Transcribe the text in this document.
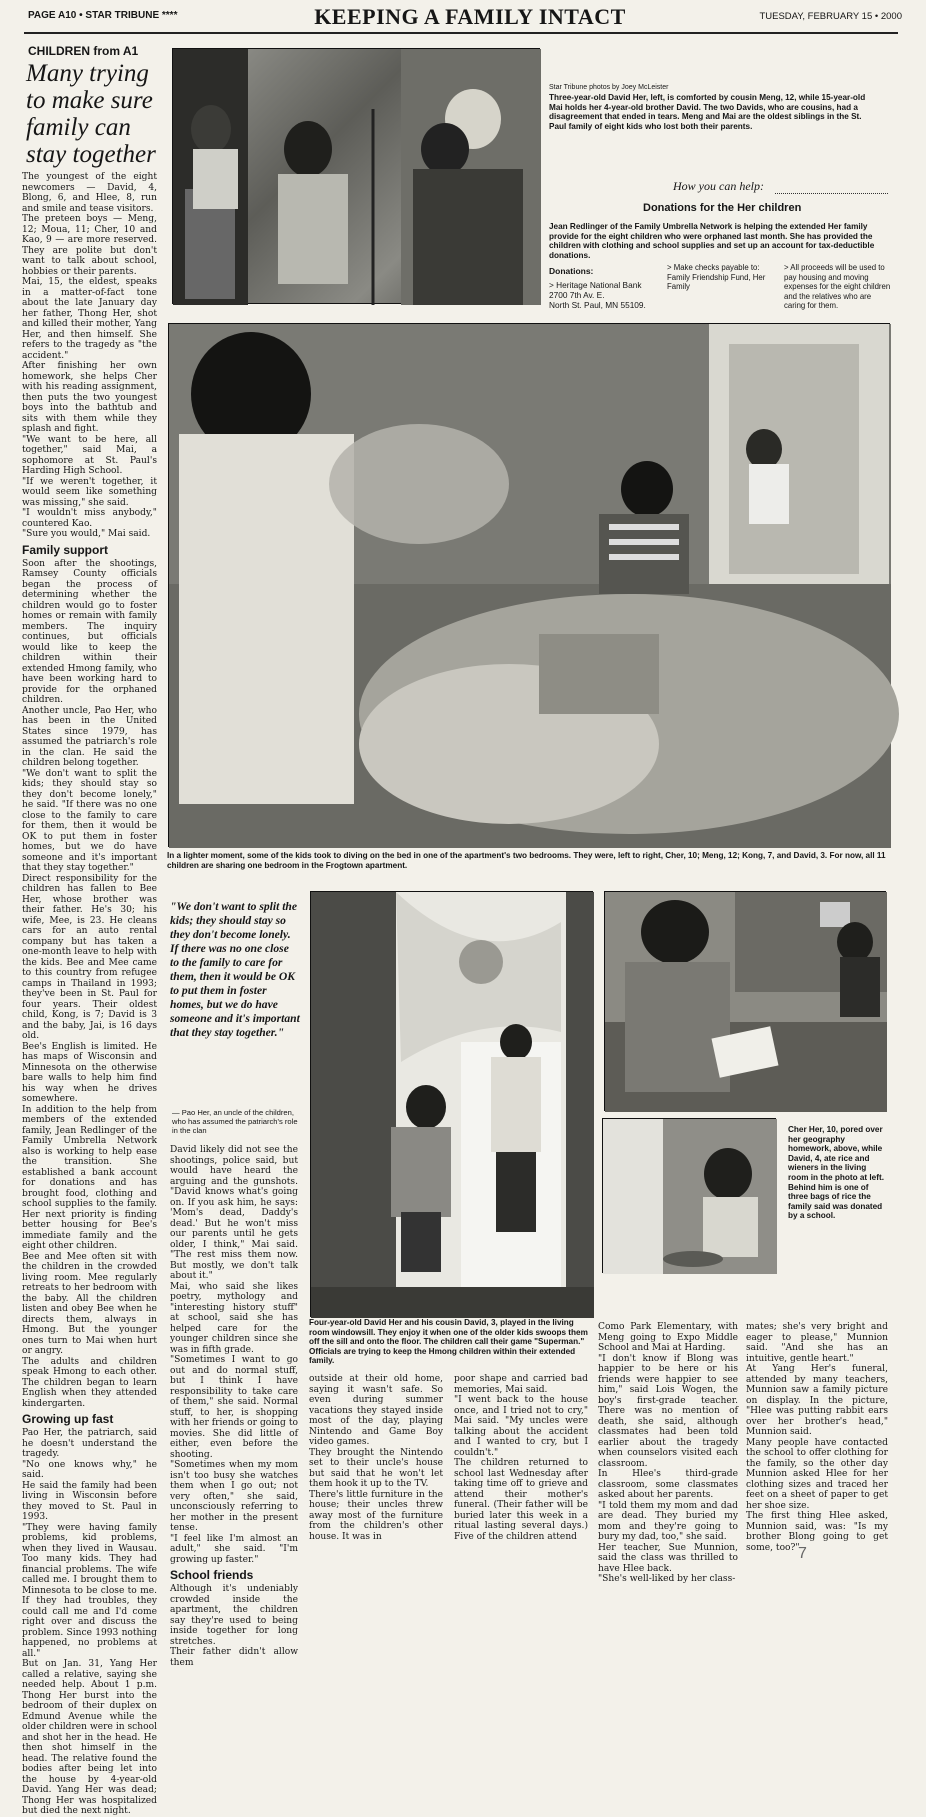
PAGE A10 • STAR TRIBUNE ****	KEEPING A FAMILY INTACT	TUESDAY, FEBRUARY 15 • 2000
CHILDREN from A1
Many trying to make sure family can stay together
The youngest of the eight newcomers — David, 4, Blong, 6, and Hlee, 8, run and smile and tease visitors.
The preteen boys — Meng, 12; Moua, 11; Cher, 10 and Kao, 9 — are more reserved. They are polite but don't want to talk about school, hobbies or their parents.
Mai, 15, the eldest, speaks in a matter-of-fact tone about the late January day her father, Thong Her, shot and killed their mother, Yang Her, and then himself. She refers to the tragedy as "the accident."
After finishing her own homework, she helps Cher with his reading assignment, then puts the two youngest boys into the bathtub and sits with them while they splash and fight.
"We want to be here, all together," said Mai, a sophomore at St. Paul's Harding High School.
"If we weren't together, it would seem like something was missing," she said.
"I wouldn't miss anybody," countered Kao.
"Sure you would," Mai said.
Family support
Soon after the shootings, Ramsey County officials began the process of determining whether the children would go to foster homes or remain with family members. The inquiry continues, but officials would like to keep the children within their extended Hmong family, who have been working hard to provide for the orphaned children.
Another uncle, Pao Her, who has been in the United States since 1979, has assumed the patriarch's role in the clan. He said the children belong together.
"We don't want to split the kids; they should stay so they don't become lonely," he said. "If there was no one close to the family to care for them, then it would be OK to put them in foster homes, but we do have someone and it's important that they stay together."
Direct responsibility for the children has fallen to Bee Her, whose brother was their father. He's 30; his wife, Mee, is 23. He cleans cars for an auto rental company but has taken a one-month leave to help with the kids. Bee and Mee came to this country from refugee camps in Thailand in 1993; they've been in St. Paul for four years. Their oldest child, Kong, is 7; David is 3 and the baby, Jai, is 16 days old.
Bee's English is limited. He has maps of Wisconsin and Minnesota on the otherwise bare walls to help him find his way when he drives somewhere.
In addition to the help from members of the extended family, Jean Redlinger of the Family Umbrella Network also is working to help ease the transition. She established a bank account for donations and has brought food, clothing and school supplies to the family. Her next priority is finding better housing for Bee's immediate family and the eight other children.
Bee and Mee often sit with the children in the crowded living room. Mee regularly retreats to her bedroom with the baby. All the children listen and obey Bee when he directs them, always in Hmong. But the younger ones turn to Mai when hurt or angry.
The adults and children speak Hmong to each other. The children began to learn English when they attended kindergarten.
Growing up fast
Pao Her, the patriarch, said he doesn't understand the tragedy.
"No one knows why," he said.
He said the family had been living in Wisconsin before they moved to St. Paul in 1993.
"They were having family problems, kid problems, when they lived in Wausau. Too many kids. They had financial problems. The wife called me. I brought them to Minnesota to be close to me. If they had troubles, they could call me and I'd come right over and discuss the problem. Since 1993 nothing happened, no problems at all."
But on Jan. 31, Yang Her called a relative, saying she needed help. About 1 p.m. Thong Her burst into the bedroom of their duplex on Edmund Avenue while the older children were in school and shot her in the head. He then shot himself in the head. The relative found the bodies after being let into the house by 4-year-old David. Yang Her was dead; Thong Her was hospitalized but died the next night.
Star Tribune photos by Joey McLeister
Three-year-old David Her, left, is comforted by cousin Meng, 12, while 15-year-old Mai holds her 4-year-old brother David. The two Davids, who are cousins, had a disagreement that ended in tears. Meng and Mai are the oldest siblings in the St. Paul family of eight kids who lost both their parents.
How you can help:
Donations for the Her children
Jean Redlinger of the Family Umbrella Network is helping the extended Her family provide for the eight children who were orphaned last month. She has provided the children with clothing and school supplies and set up an account for tax-deductible donations.
Donations:
> Heritage National Bank
2700 7th Av. E.
North St. Paul, MN 55109.
> Make checks payable to: Family Friendship Fund, Her Family
> All proceeds will be used to pay housing and moving expenses for the eight children and the relatives who are caring for them.
In a lighter moment, some of the kids took to diving on the bed in one of the apartment's two bedrooms. They were, left to right, Cher, 10; Meng, 12; Kong, 7, and David, 3. For now, all 11 children are sharing one bedroom in the Frogtown apartment.
"We don't want to split the kids; they should stay so they don't become lonely. If there was no one close to the family to care for them, then it would be OK to put them in foster homes, but we do have someone and it's important that they stay together."
— Pao Her, an uncle of the children, who has assumed the patriarch's role in the clan
David likely did not see the shootings, police said, but would have heard the arguing and the gunshots. "David knows what's going on. If you ask him, he says: 'Mom's dead, Daddy's dead.' But he won't miss our parents until he gets older, I think," Mai said. "The rest miss them now. But mostly, we don't talk about it."
Mai, who said she likes poetry, mythology and "interesting history stuff" at school, said she has helped care for the younger children since she was in fifth grade.
"Sometimes I want to go out and do normal stuff, but I think I have responsibility to take care of them," she said. Normal stuff, to her, is shopping with her friends or going to movies. She did little of either, even before the shooting.
"Sometimes when my mom isn't too busy she watches them when I go out; not very often," she said, unconsciously referring to her mother in the present tense.
"I feel like I'm almost an adult," she said. "I'm growing up faster."
School friends
Although it's undeniably crowded inside the apartment, the children say they're used to being inside together for long stretches.
Their father didn't allow them
Four-year-old David Her and his cousin David, 3, played in the living room windowsill. They enjoy it when one of the older kids swoops them off the sill and onto the floor. The children call their game "Superman." Officials are trying to keep the Hmong children within their extended family.
Cher Her, 10, pored over her geography homework, above, while David, 4, ate rice and wieners in the living room in the photo at left. Behind him is one of three bags of rice the family said was donated by a school.
outside at their old home, saying it wasn't safe. So even during summer vacations they stayed inside most of the day, playing Nintendo and Game Boy video games.
They brought the Nintendo set to their uncle's house but said that he won't let them hook it up to the TV.
There's little furniture in the house; their uncles threw away most of the furniture from the children's other house. It was in
poor shape and carried bad memories, Mai said.
"I went back to the house once, and I tried not to cry," Mai said. "My uncles were talking about the accident and I wanted to cry, but I couldn't."
The children returned to school last Wednesday after taking time off to grieve and attend their mother's funeral. (Their father will be buried later this week in a ritual lasting several days.) Five of the children attend
Como Park Elementary, with Meng going to Expo Middle School and Mai at Harding.
"I don't know if Blong was happier to be here or his friends were happier to see him," said Lois Wogen, the boy's first-grade teacher. There was no mention of death, she said, although classmates had been told earlier about the tragedy when counselors visited each classroom.
In Hlee's third-grade classroom, some classmates asked about her parents.
"I told them my mom and dad are dead. They buried my mom and they're going to bury my dad, too," she said.
Her teacher, Sue Munnion, said the class was thrilled to have Hlee back.
"She's well-liked by her class-
mates; she's very bright and eager to please," Munnion said. "And she has an intuitive, gentle heart."
At Yang Her's funeral, attended by many teachers, Munnion saw a family picture on display. In the picture, "Hlee was putting rabbit ears over her brother's head," Munnion said.
Many people have contacted the school to offer clothing for the family, so the other day Munnion asked Hlee for her clothing sizes and traced her feet on a sheet of paper to get her shoe size.
The first thing Hlee asked, Munnion said, was: "Is my brother Blong going to get some, too?"
7
